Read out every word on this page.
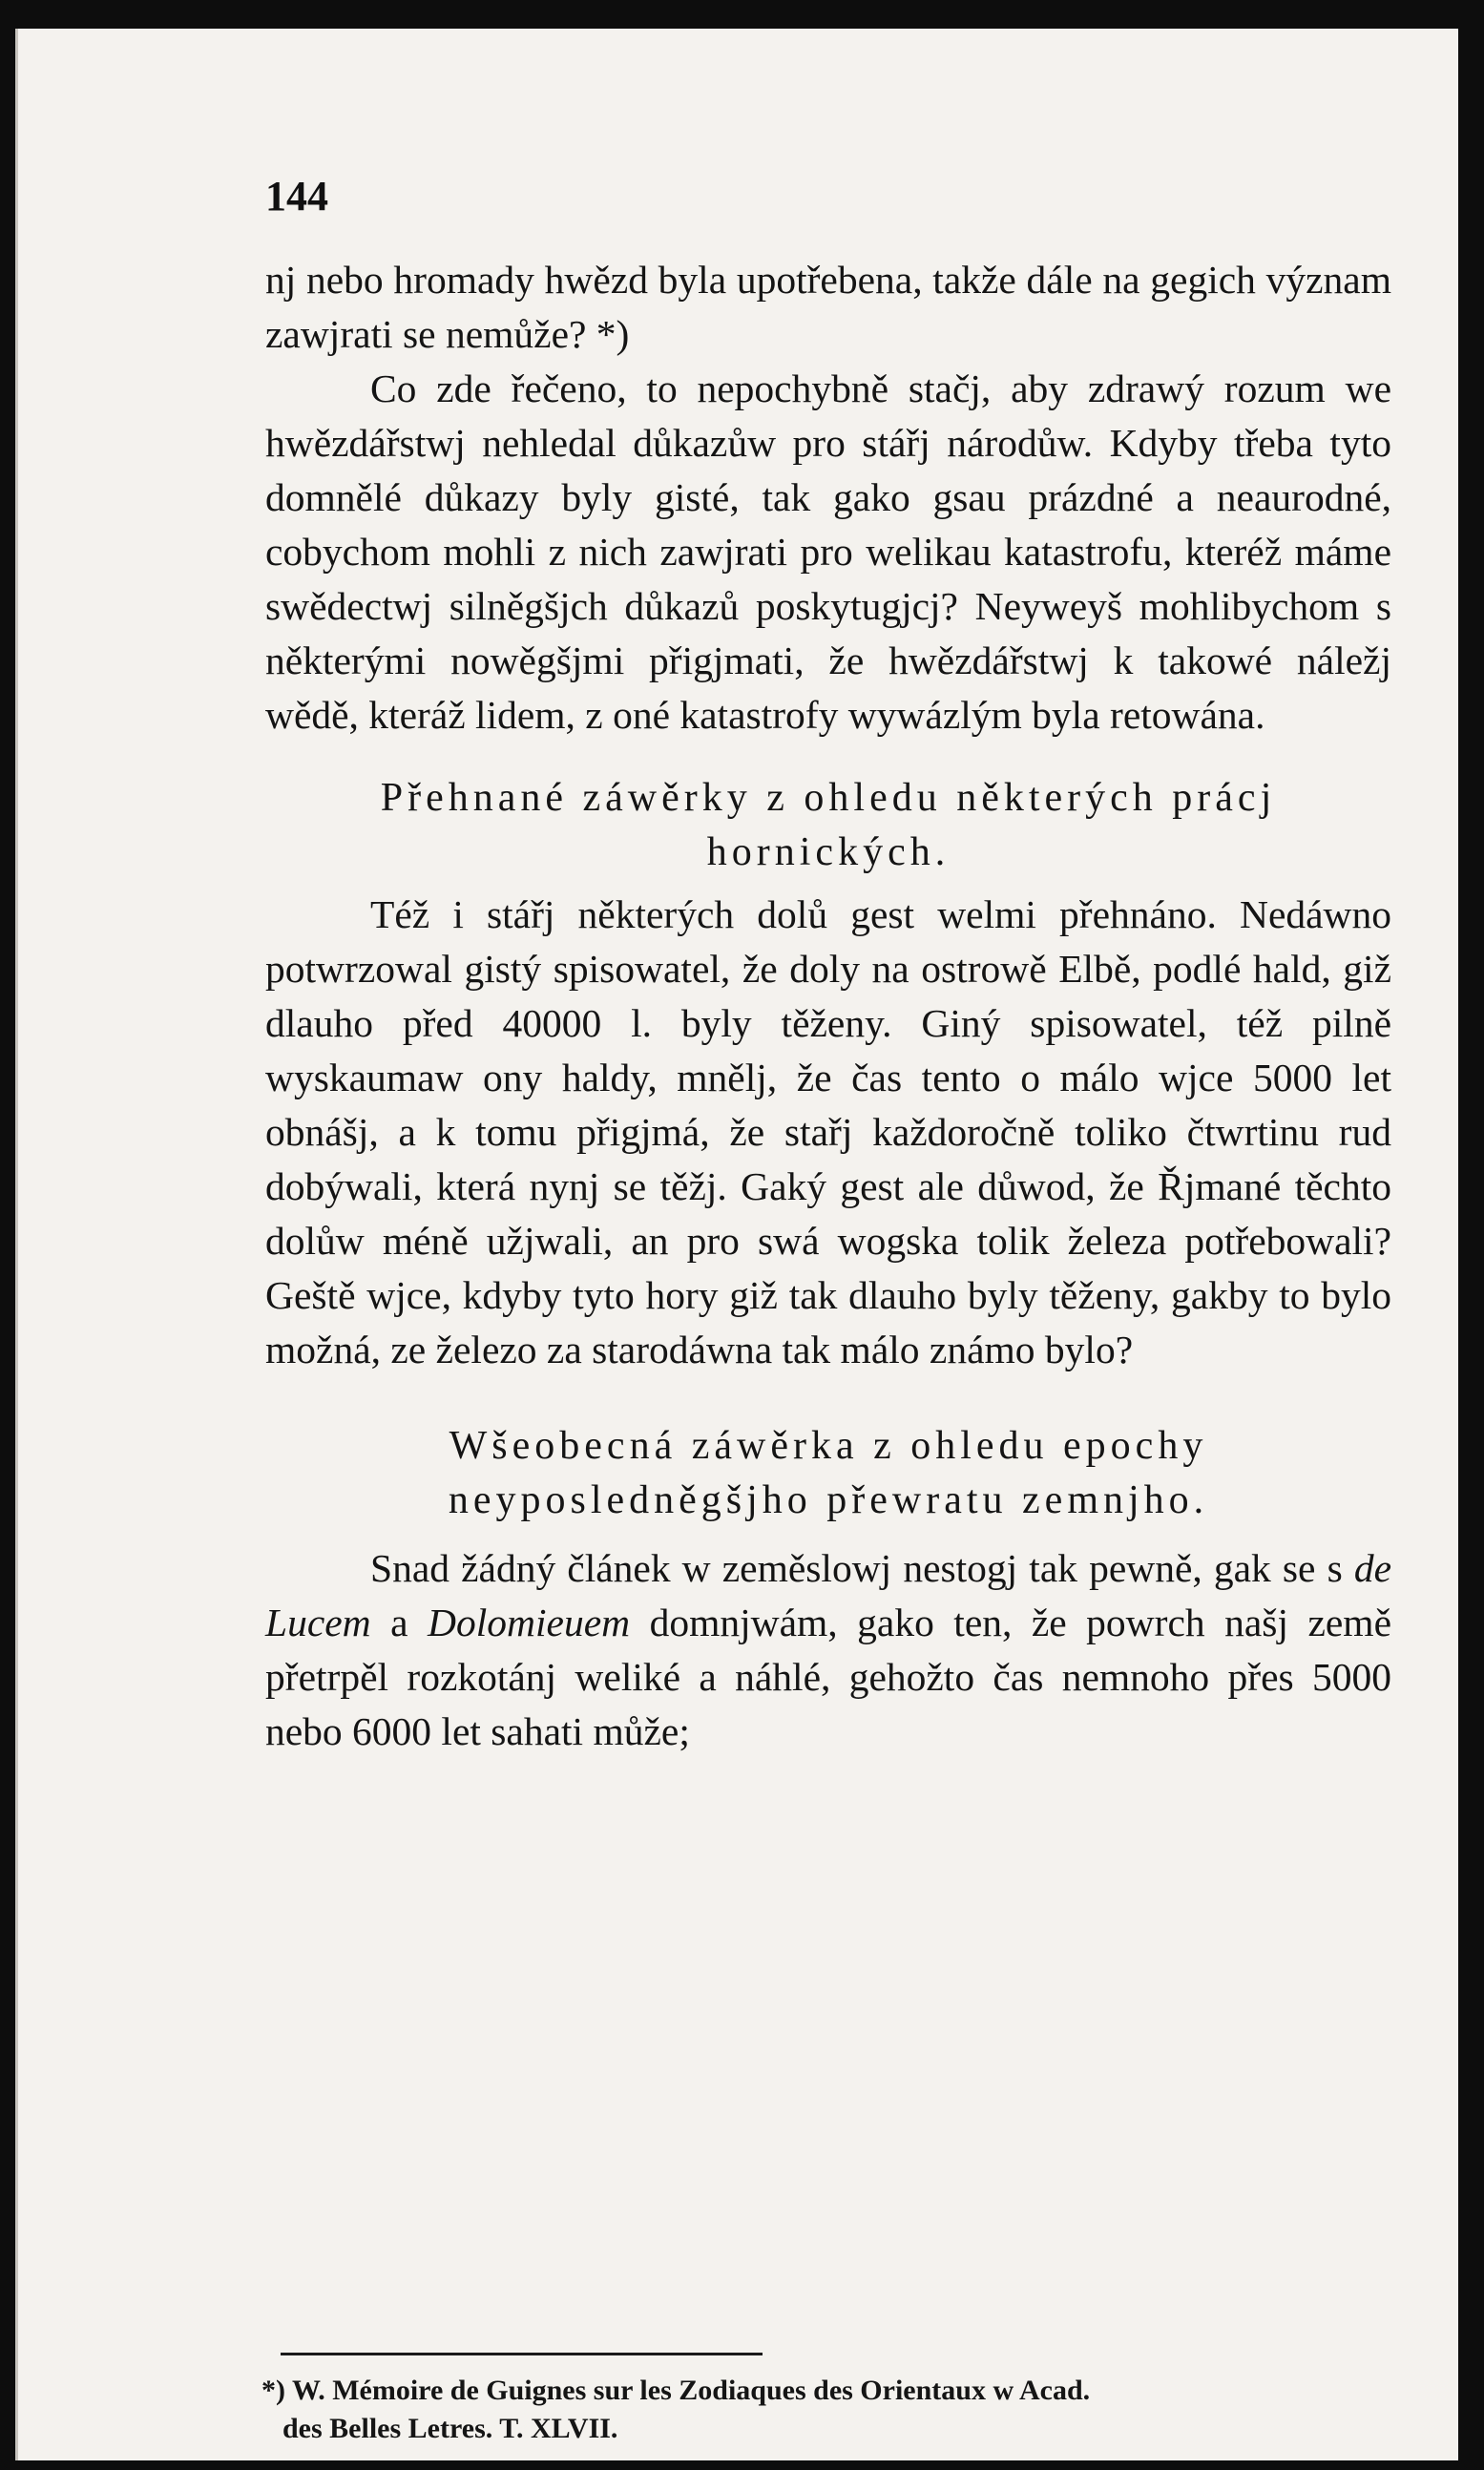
144

nj nebo hromady hwězd byla upotřebena, takže dále na gegich význam zawjrati se nemůže? *)

Co zde řečeno, to nepochybně stačj, aby zdrawý rozum we hwězdářstwj nehledal důkazůw pro stářj národůw. Kdyby třeba tyto domnělé důkazy byly gisté, tak gako gsau prázdné a neaurodné, cobychom mohli z nich zawjrati pro welikau katastrofu, kteréž máme swědectwj silněgšjch důkazů poskytugjcj? Neyweyš mohlibychom s některými nowěgšjmi přigjmati, že hwězdářstwj k takowé náležj wědě, kteráž lidem, z oné katastrofy wywázlým byla retowána.

Přehnané záwěrky z ohledu některých prácj hornických.

Též i stářj některých dolů gest welmi přehnáno. Nedáwno potwrzowal gistý spisowatel, že doly na ostrowě Elbě, podlé hald, giž dlauho před 40000 l. byly těženy. Giný spisowatel, též pilně wyskaumaw ony haldy, mnělj, že čas tento o málo wjce 5000 let obnášj, a k tomu přigjmá, že stařj každoročně toliko čtwrtinu rud dobýwali, která nynj se těžj. Gaký gest ale důwod, že Řjmané těchto dolůw méně užjwali, an pro swá wogska tolik železa potřebowali? Geště wjce, kdyby tyto hory giž tak dlauho byly těženy, gakby to bylo možná, ze železo za starodáwna tak málo známo bylo?

Wšeobecná záwěrka z ohledu epochy neyposledněgšjho přewratu zemnjho.

Snad žádný článek w zeměslowj nestogj tak pewně, gak se s de Lucem a Dolomieuem domnjwám, gako ten, že powrch našj země přetrpěl rozkotánj weliké a náhlé, gehožto čas nemnoho přes 5000 nebo 6000 let sahati může;

*) W. Mémoire de Guignes sur les Zodiaques des Orientaux w Acad.
des Belles Letres. T. XLVII.
